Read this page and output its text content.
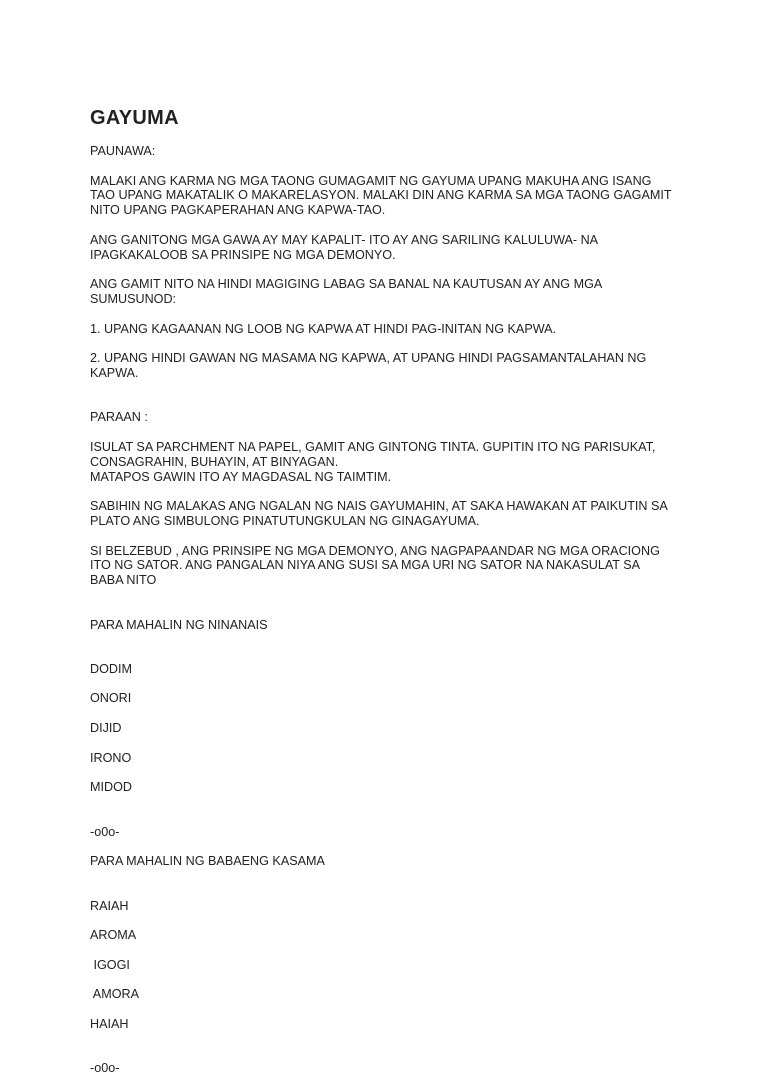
GAYUMA

PAUNAWA:

MALAKI ANG KARMA NG MGA TAONG GUMAGAMIT NG GAYUMA UPANG MAKUHA ANG ISANG
TAO UPANG MAKATALIK O MAKARELASYON. MALAKI DIN ANG KARMA SA MGA TAONG GAGAMIT
NITO UPANG PAGKAPERAHAN ANG KAPWA-TAO.

ANG GANITONG MGA GAWA AY MAY KAPALIT- ITO AY ANG SARILING KALULUWA- NA
IPAGKAKALOOB SA PRINSIPE NG MGA DEMONYO.

ANG GAMIT NITO NA HINDI MAGIGING LABAG SA BANAL NA KAUTUSAN AY ANG MGA
SUMUSUNOD:

1. UPANG KAGAANAN NG LOOB NG KAPWA AT HINDI PAG-INITAN NG KAPWA.

2. UPANG HINDI GAWAN NG MASAMA NG KAPWA, AT UPANG HINDI PAGSAMANTALAHAN NG
KAPWA.

PARAAN :

ISULAT SA PARCHMENT NA PAPEL, GAMIT ANG GINTONG TINTA. GUPITIN ITO NG PARISUKAT,
CONSAGRAHIN, BUHAYIN, AT BINYAGAN.
MATAPOS GAWIN ITO AY MAGDASAL NG TAIMTIM.

SABIHIN NG MALAKAS ANG NGALAN NG NAIS GAYUMAHIN, AT SAKA HAWAKAN AT PAIKUTIN SA
PLATO ANG SIMBULONG PINATUTUNGKULAN NG GINAGAYUMA.

SI BELZEBUD , ANG PRINSIPE NG MGA DEMONYO, ANG NAGPAPAANDAR NG MGA ORACIONG
ITO NG SATOR. ANG PANGALAN NIYA ANG SUSI SA MGA URI NG SATOR NA NAKASULAT SA
BABA NITO

PARA MAHALIN NG NINANAIS

DODIM

ONORI

DIJID

IRONO

MIDOD

-o0o-

PARA MAHALIN NG BABAENG KASAMA

RAIAH

AROMA

IGOGI

AMORA

HAIAH

-o0o-
